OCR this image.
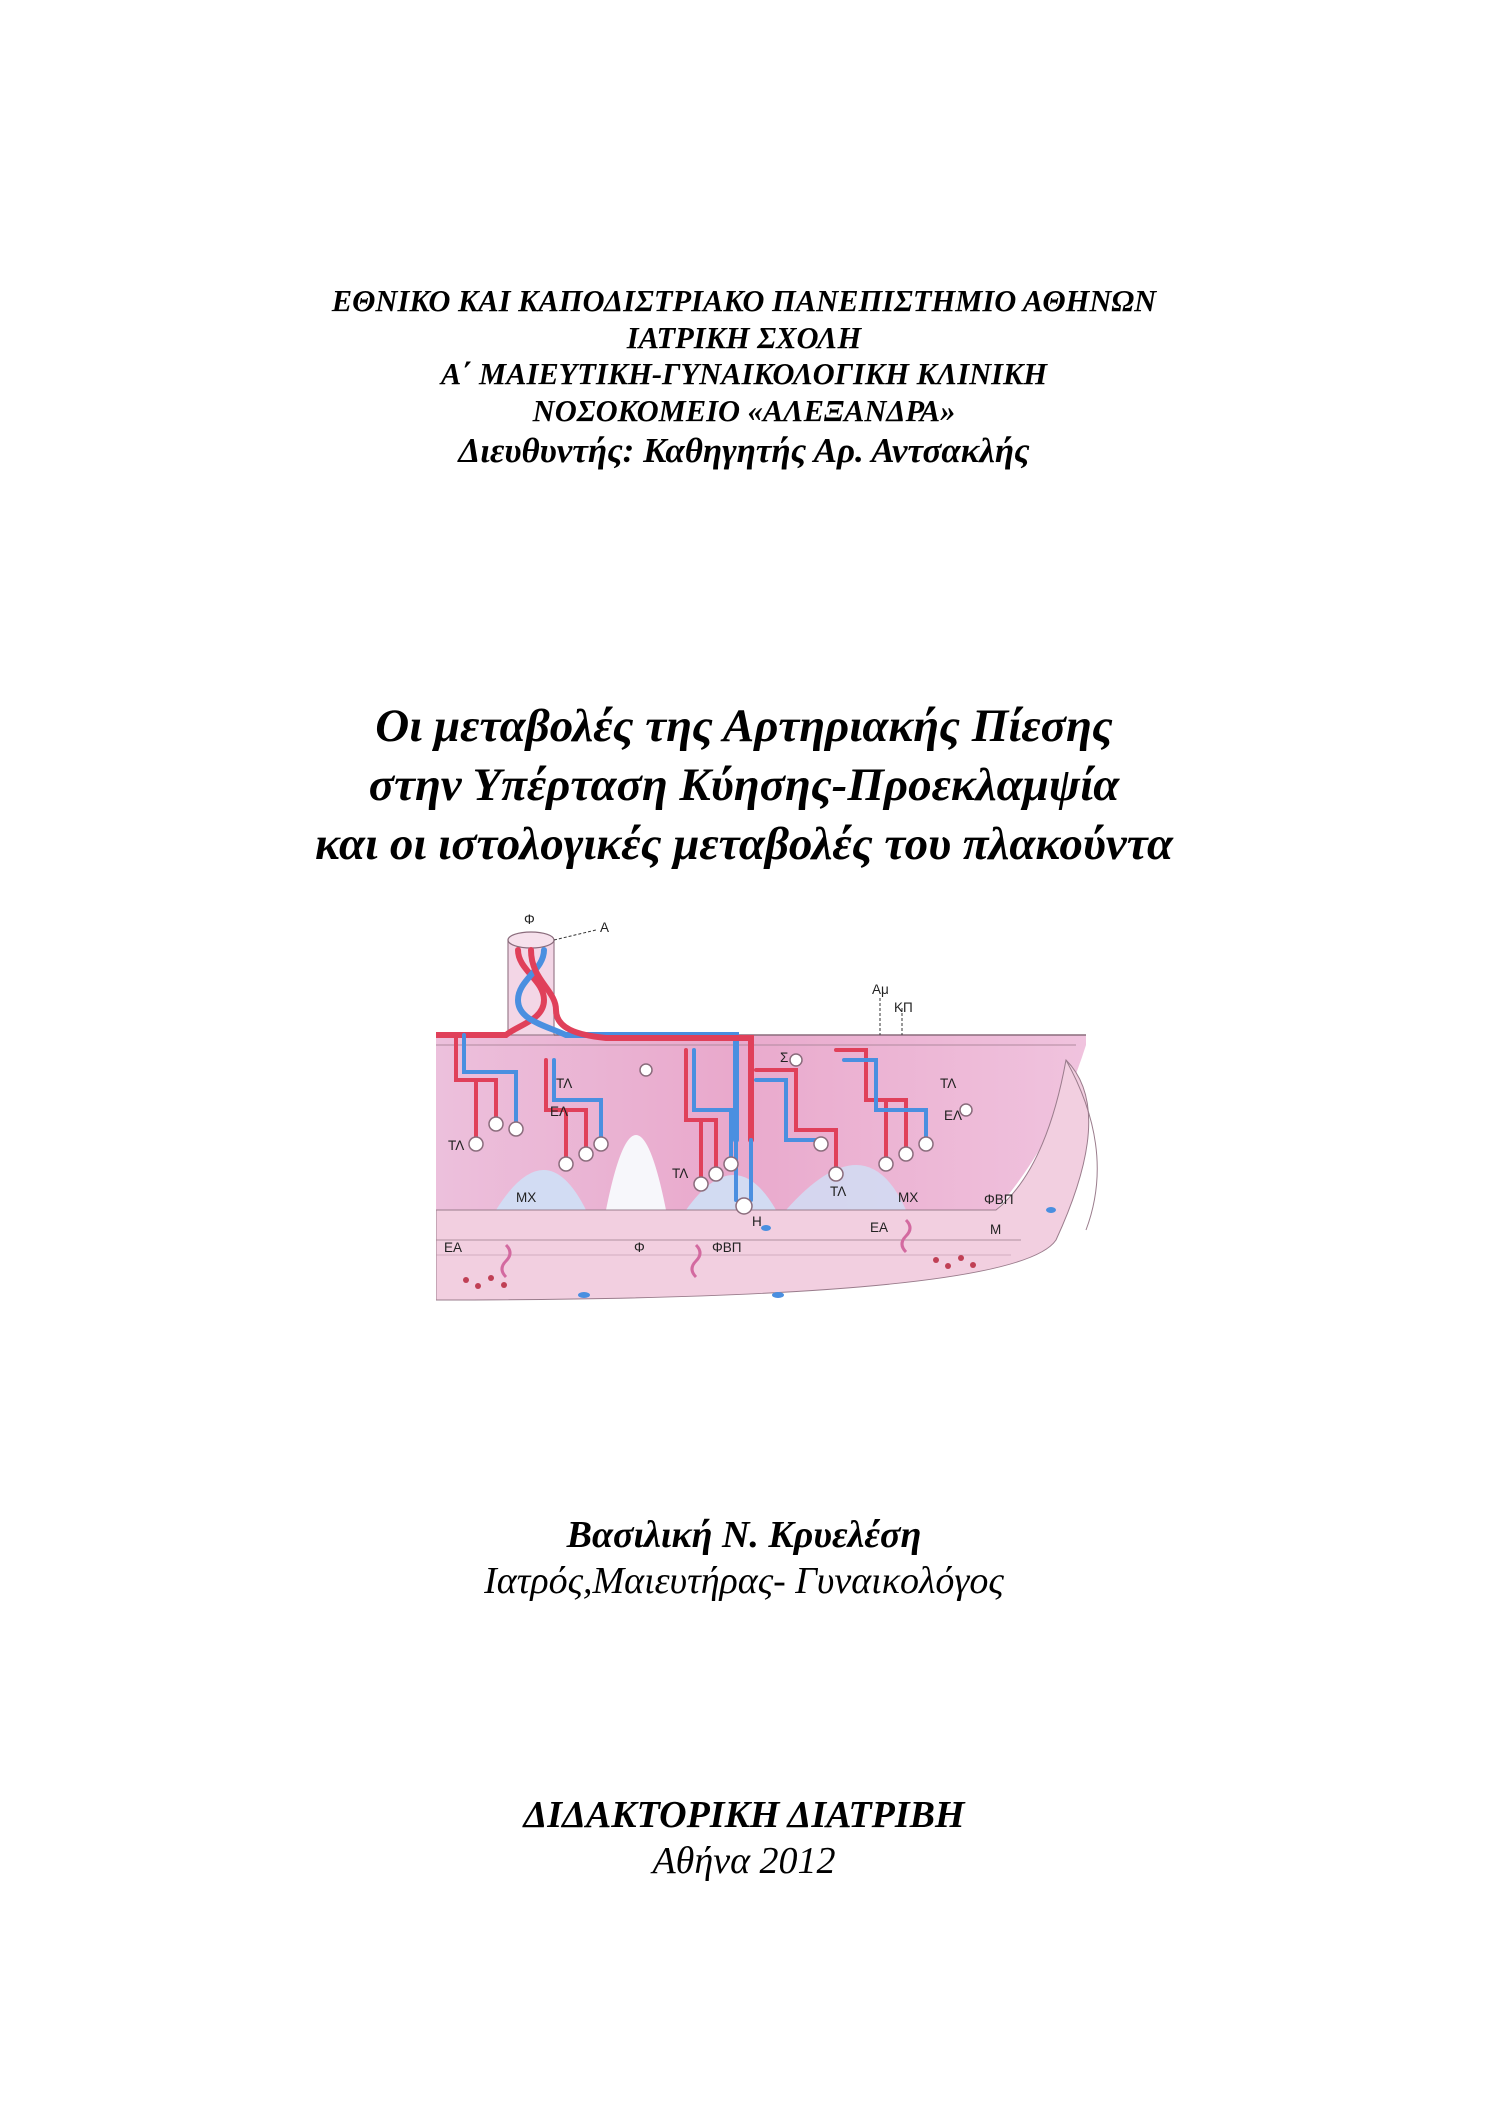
ΕΘΝΙΚΟ ΚΑΙ ΚΑΠΟΔΙΣΤΡΙΑΚΟ ΠΑΝΕΠΙΣΤΗΜΙΟ ΑΘΗΝΩΝ
ΙΑΤΡΙΚΗ ΣΧΟΛΗ
Α΄ ΜΑΙΕΥΤΙΚΗ-ΓΥΝΑΙΚΟΛΟΓΙΚΗ ΚΛΙΝΙΚΗ
ΝΟΣΟΚΟΜΕΙΟ «ΑΛΕΞΑΝΔΡΑ»
Διευθυντής: Καθηγητής Αρ. Αντσακλής
Οι μεταβολές της Αρτηριακής Πίεσης
στην Υπέρταση Κύησης-Προεκλαμψία
και οι ιστολογικές μεταβολές του πλακούντα
Φ
Α
Αμ
ΚΠ
Σ
ΤΛ
ΕΛ
ΤΛ
ΤΛ
ΤΛ
ΕΛ
ΤΛ
ΜΧ	ΜΧ	ΦΒΠ
Η
ΕΑ	Φ	ΦΒΠ
ΕΑ	Μ
Βασιλική Ν. Κρυελέση
Ιατρός,Μαιευτήρας- Γυναικολόγος
ΔΙΔΑΚΤΟΡΙΚΗ ΔΙΑΤΡΙΒΗ
Αθήνα 2012
